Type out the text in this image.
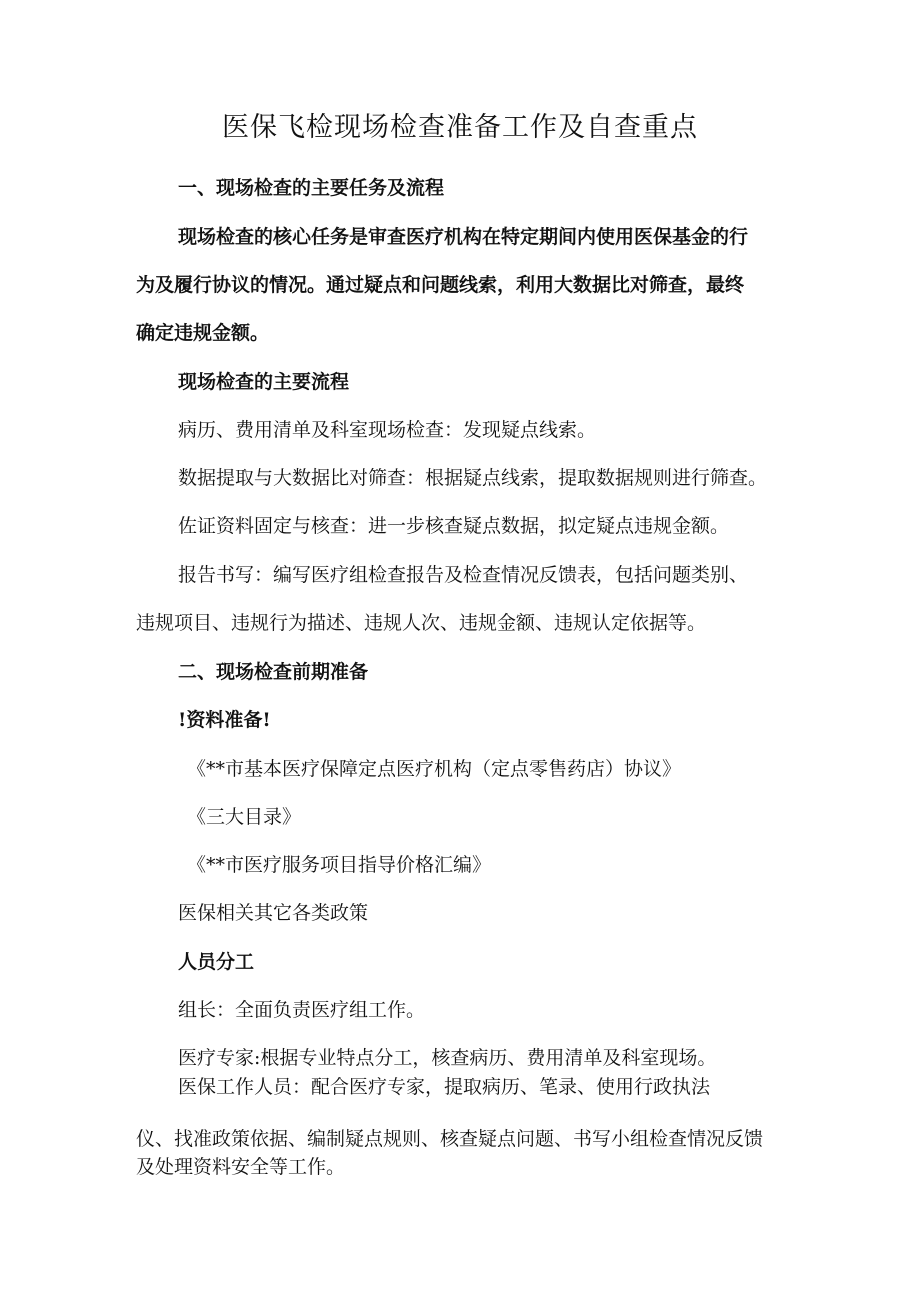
医保飞检现场检查准备工作及自查重点

一、现场检查的主要任务及流程

现场检查的核心任务是审查医疗机构在特定期间内使用医保基金的行

为及履行协议的情况。通过疑点和问题线索，利用大数据比对筛查，最终

确定违规金额。

现场检查的主要流程

病历、费用清单及科室现场检查：发现疑点线索。

数据提取与大数据比对筛查：根据疑点线索，提取数据规则进行筛查。

佐证资料固定与核查：进一步核查疑点数据，拟定疑点违规金额。

报告书写：编写医疗组检查报告及检查情况反馈表，包括问题类别、

违规项目、违规行为描述、违规人次、违规金额、违规认定依据等。

二、现场检查前期准备

!资料准备!

《**市基本医疗保障定点医疗机构（定点零售药店）协议》

《三大目录》

《**市医疗服务项目指导价格汇编》

医保相关其它各类政策

人员分工

组长：全面负责医疗组工作。

医疗专家:根据专业特点分工，核查病历、费用清单及科室现场。

医保工作人员：配合医疗专家，提取病历、笔录、使用行政执法

仪、找准政策依据、编制疑点规则、核查疑点问题、书写小组检查情况反馈

及处理资料安全等工作。
